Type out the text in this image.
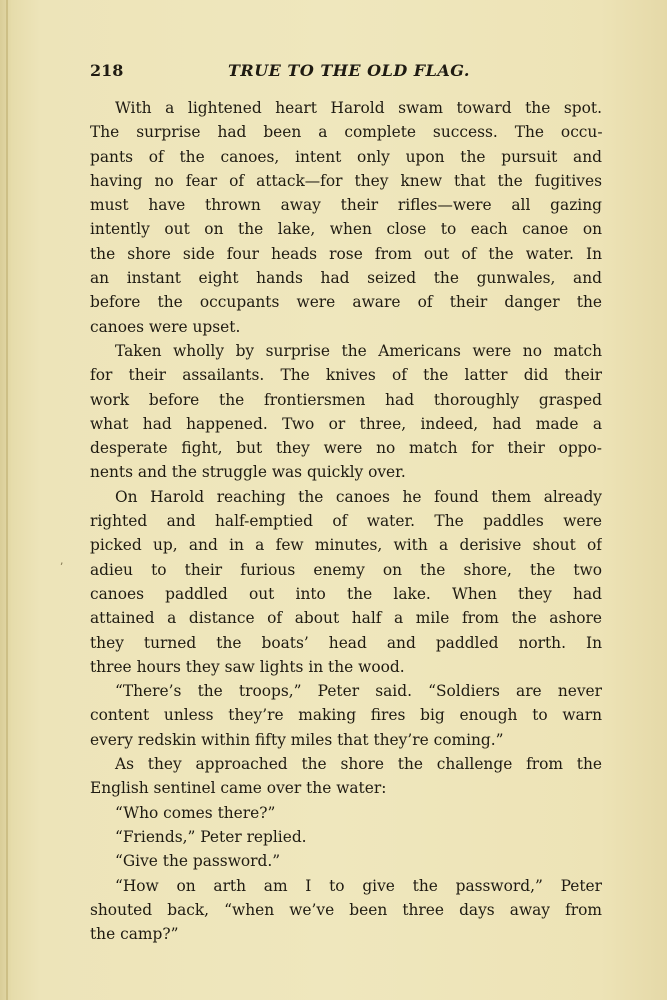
218	TRUE TO THE OLD FLAG.
’
With a lightened heart Harold swam toward the spot.
The surprise had been a complete success. The occu-
pants of the canoes, intent only upon the pursuit and
having no fear of attack—for they knew that the fugitives
must have thrown away their rifles—were all gazing
intently out on the lake, when close to each canoe on
the shore side four heads rose from out of the water. In
an instant eight hands had seized the gunwales, and
before the occupants were aware of their danger the
canoes were upset.
Taken wholly by surprise the Americans were no match
for their assailants. The knives of the latter did their
work before the frontiersmen had thoroughly grasped
what had happened. Two or three, indeed, had made a
desperate fight, but they were no match for their oppo-
nents and the struggle was quickly over.
On Harold reaching the canoes he found them already
righted and half-emptied of water. The paddles were
picked up, and in a few minutes, with a derisive shout of
adieu to their furious enemy on the shore, the two
canoes paddled out into the lake. When they had
attained a distance of about half a mile from the ashore
they turned the boats’ head and paddled north. In
three hours they saw lights in the wood.
“There’s the troops,” Peter said. “Soldiers are never
content unless they’re making fires big enough to warn
every redskin within fifty miles that they’re coming.”
As they approached the shore the challenge from the
English sentinel came over the water:
“Who comes there?”
“Friends,” Peter replied.
“Give the password.”
“How on arth am I to give the password,” Peter
shouted back, “when we’ve been three days away from
the camp?”
